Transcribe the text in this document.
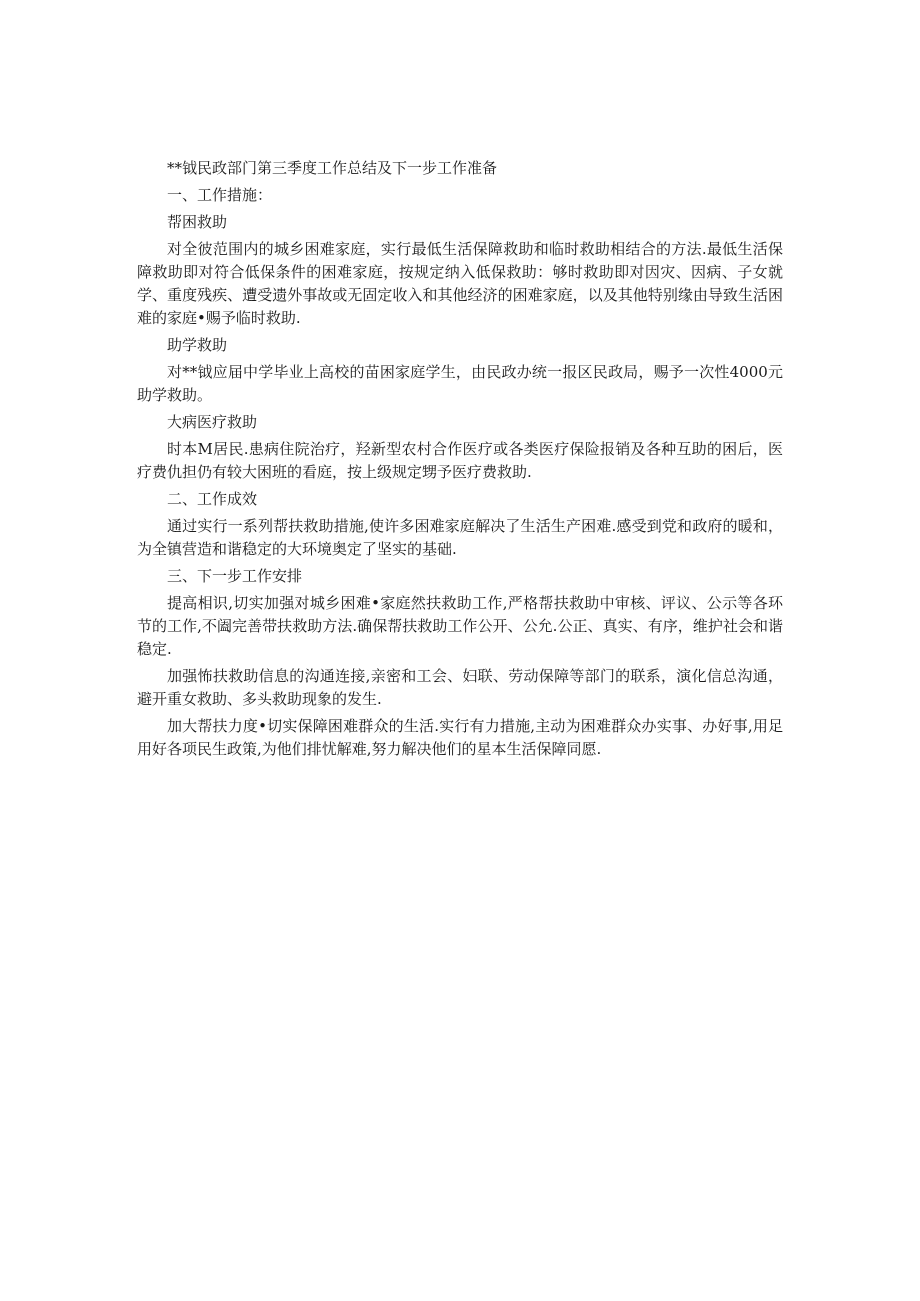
**钺民政部门第三季度工作总结及下一步工作准备

一、工作措施：

帮困救助

对全彼范围内的城乡困难家庭，实行最低生活保障救助和临时救助相结合的方法.最低生活保障救助即对符合低保条件的困难家庭，按规定纳入低保救助：够时救助即对因灾、因病、子女就学、重度残疾、遭受遗外事故或无固定收入和其他经济的困难家庭，以及其他特别缘由导致生活困难的家庭•赐予临时救助.

助学救助

对**钺应届中学毕业上高校的苗困家庭学生，由民政办统一报区民政局，赐予一次性4000元助学救助。

大病医疗救助

时本M居民.患病住院治疗，羟新型农村合作医疗或各类医疗保险报销及各种互助的困后，医疗费仇担仍有较大困班的看庭，按上级规定甥予医疗费救助.

二、工作成效

通过实行一系列帮扶救助措施,使许多困难家庭解决了生活生产困难.感受到党和政府的暖和，为全镇营造和谐稳定的大环境奥定了坚实的基础.

三、下一步工作安排

提高相识,切实加强对城乡困难•家庭然扶救助工作,严格帮扶救助中审核、评议、公示等各环节的工作,不阖完善带扶救助方法.确保帮扶救助工作公开、公允.公正、真实、有序，维护社会和谐稳定.

加强怖扶救助信息的沟通连接,亲密和工会、妇联、劳动保障等部门的联系，演化信总沟通，避开重女救助、多头救助现象的发生.

加大帮扶力度•切实保障困难群众的生活.实行有力措施,主动为困难群众办实事、办好事,用足用好各项民生政策,为他们排忧解难,努力解决他们的星本生活保障同愿.
